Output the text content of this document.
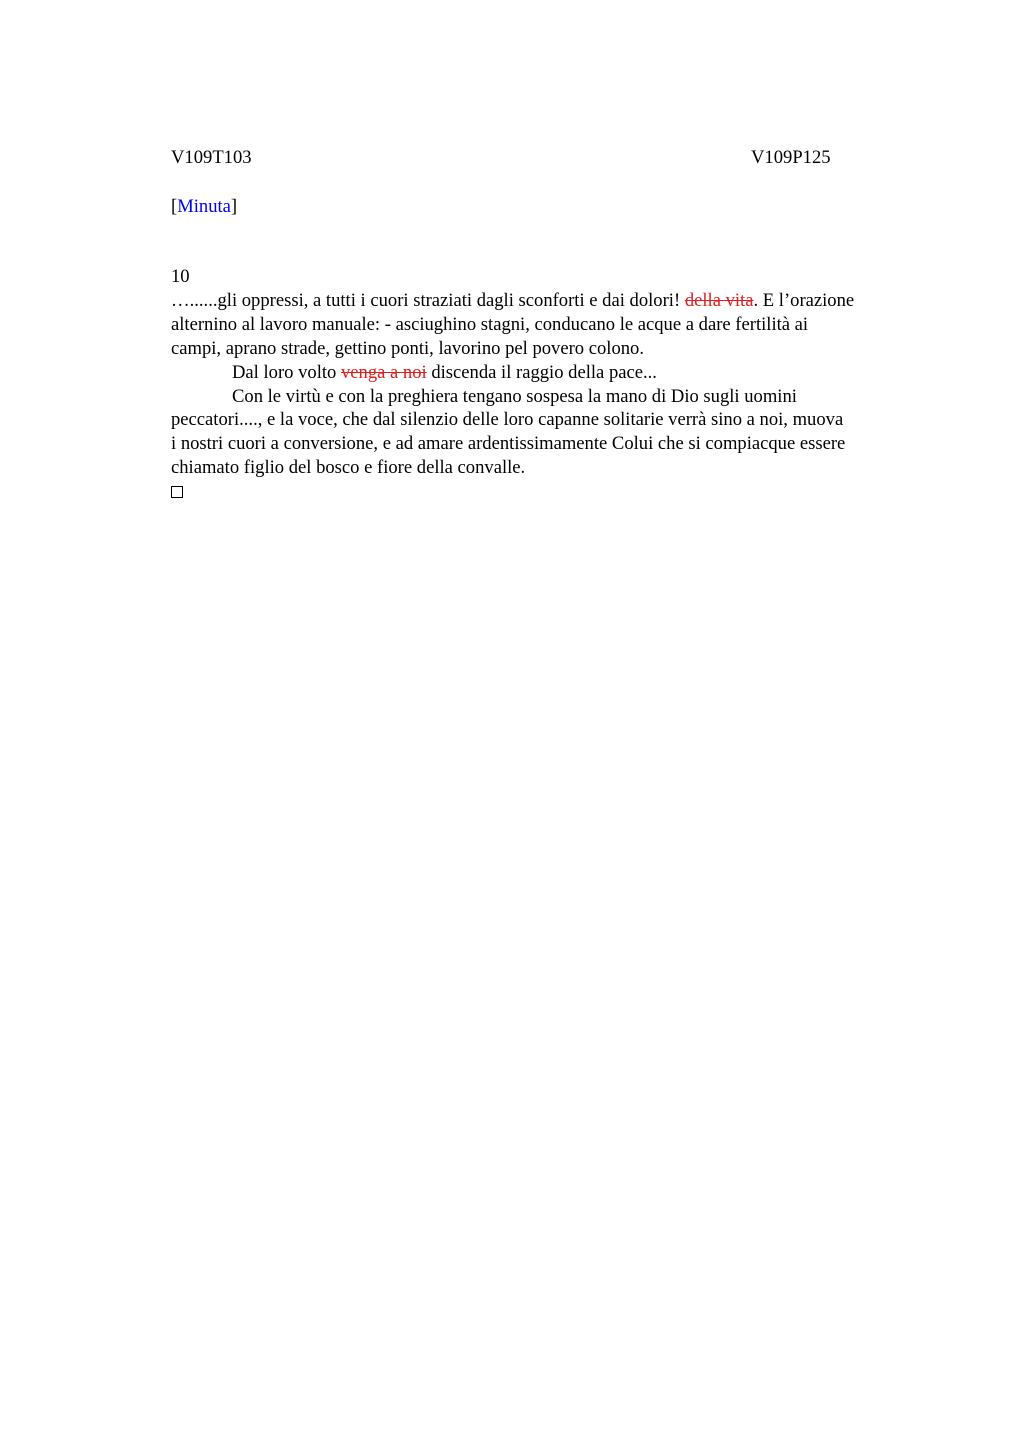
V109T103	V109P125
[Minuta]
10
…......gli oppressi, a tutti i cuori straziati dagli sconforti e dai dolori! della vita. E l’orazione
alternino al lavoro manuale: - asciughino stagni, conducano le acque a dare fertilità ai
campi, aprano strade, gettino ponti, lavorino pel povero colono.
Dal loro volto venga a noi discenda il raggio della pace...
Con le virtù e con la preghiera tengano sospesa la mano di Dio sugli uomini
peccatori...., e la voce, che dal silenzio delle loro capanne solitarie verrà sino a noi, muova
i nostri cuori a conversione, e ad amare ardentissimamente Colui che si compiacque essere
chiamato figlio del bosco e fiore della convalle.
